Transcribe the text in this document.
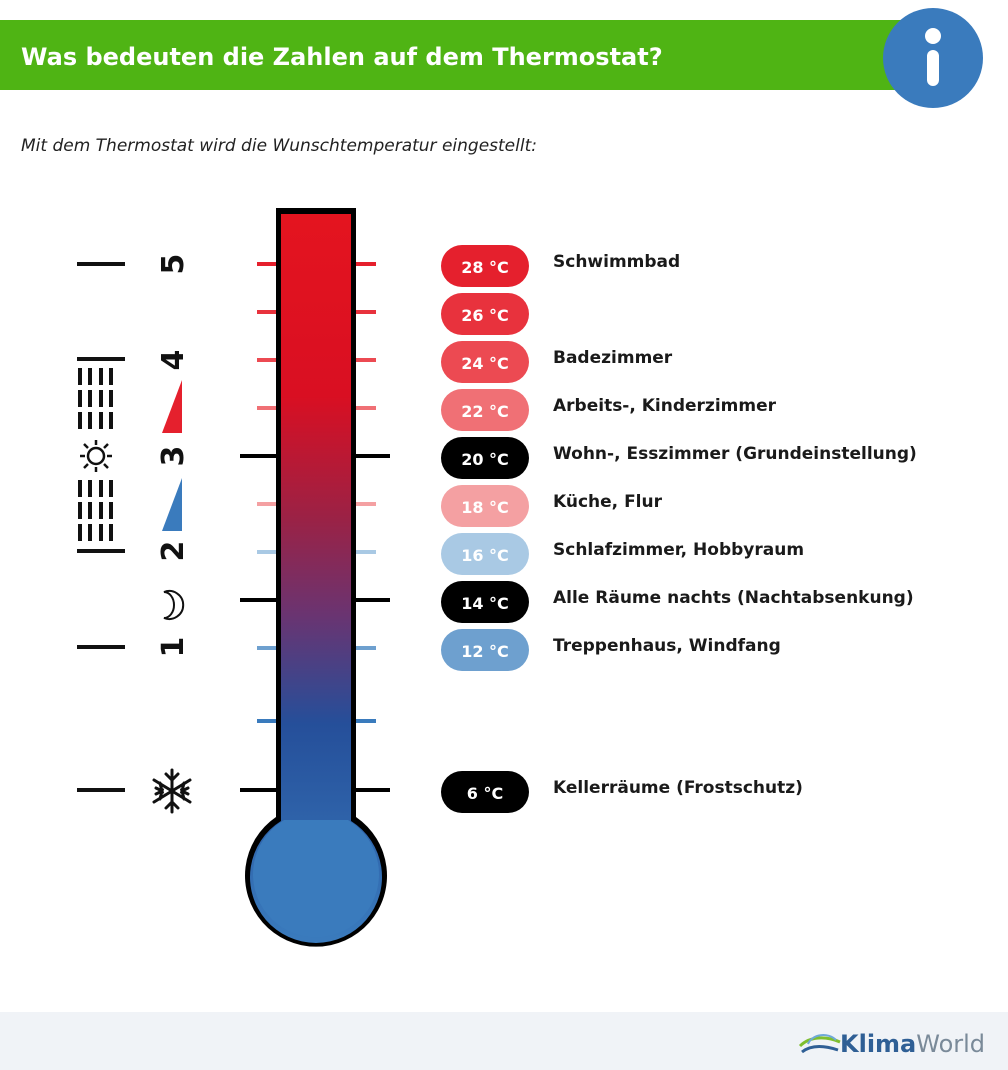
Was bedeuten die Zahlen auf dem Thermostat?
Mit dem Thermostat wird die Wunschtemperatur eingestellt:
5
4
3
2
1
28 °C	Schwimmbad
26 °C
24 °C	Badezimmer
22 °C	Arbeits-, Kinderzimmer
20 °C	Wohn-, Esszimmer (Grundeinstellung)
18 °C	Küche, Flur
16 °C	Schlafzimmer, Hobbyraum
14 °C	Alle Räume nachts (Nachtabsenkung)
12 °C	Treppenhaus, Windfang
6 °C	Kellerräume (Frostschutz)
KlimaWorld
